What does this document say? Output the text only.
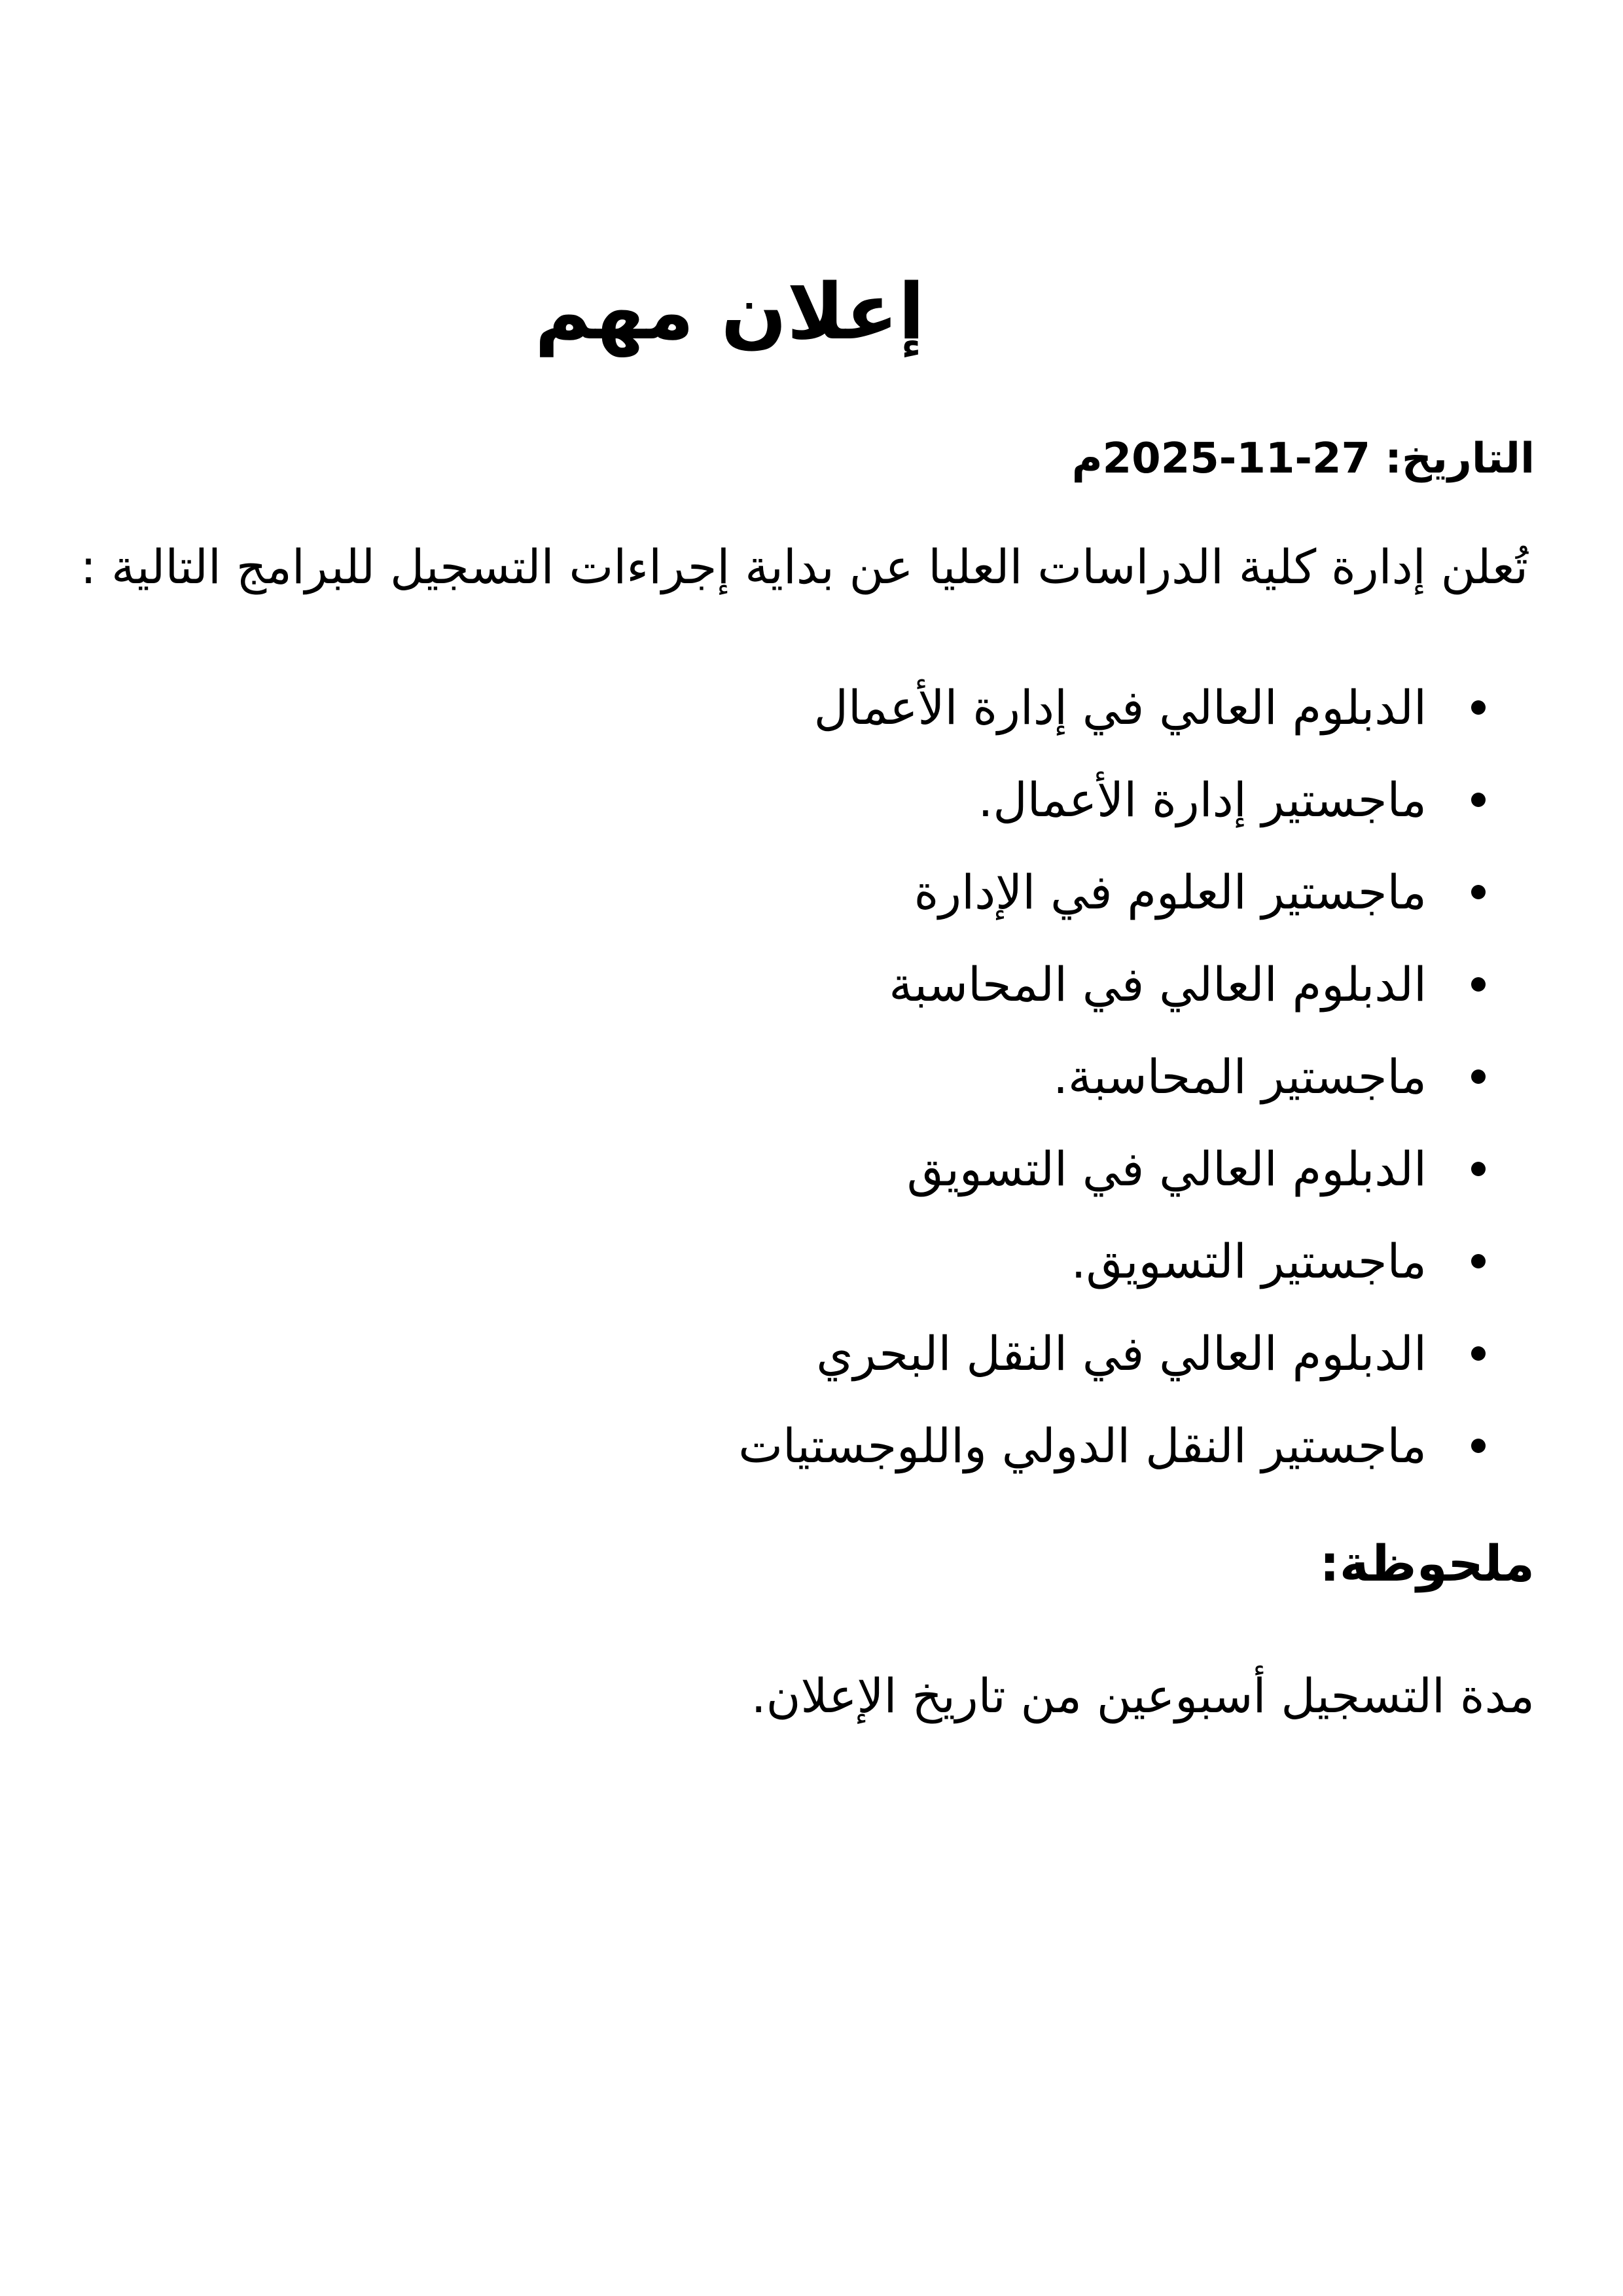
إعلان مهم

التاريخ: 2025-11-27م

تُعلن إدارة كلية الدراسات العليا عن بداية إجراءات التسجيل للبرامج التالية :

الدبلوم العالي في إدارة الأعمال
ماجستير إدارة الأعمال.
ماجستير العلوم في الإدارة
الدبلوم العالي في المحاسبة
ماجستير المحاسبة.
الدبلوم العالي في التسويق
ماجستير التسويق.
الدبلوم العالي في النقل البحري
ماجستير النقل الدولي واللوجستيات

ملحوظة:

مدة التسجيل أسبوعين من تاريخ الإعلان.
